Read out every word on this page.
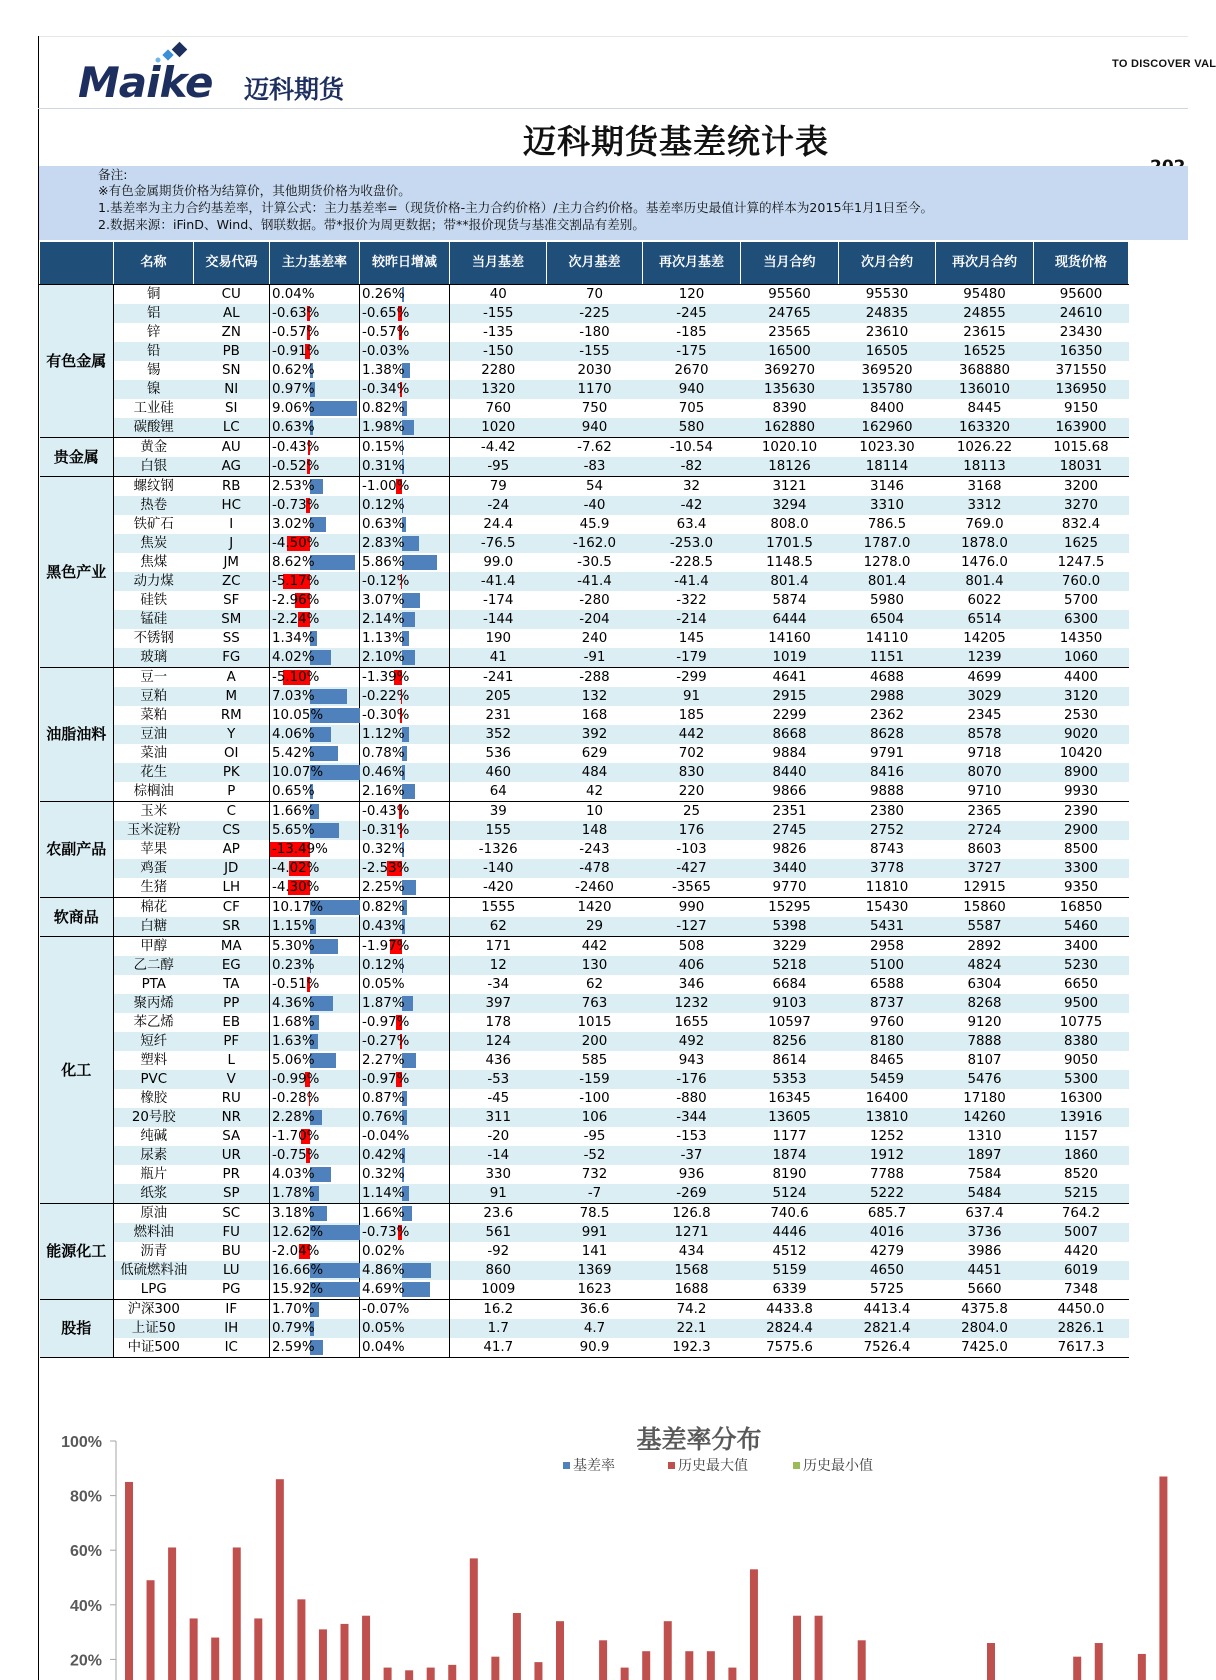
Maike 迈科期货
TO DISCOVER VAL
迈科期货基差统计表
备注:
※有色金属期货价格为结算价，其他期货价格为收盘价。
1.基差率为主力合约基差率，计算公式：主力基差率=（现货价格-主力合约价格）/主力合约价格。基差率历史最值计算的样本为2015年1月1日至今。
2.数据来源：iFinD、Wind、钢联数据。带*报价为周更数据；带**报价现货与基准交割品有差别。
	名称	交易代码	主力基差率	较昨日增减	当月基差	次月基差	再次月基差	当月合约	次月合约	再次月合约	现货价格
有色金属	铜	CU	0.04%	0.26%	40	70	120	95560	95530	95480	95600
	铝	AL	-0.63%	-0.65%	-155	-225	-245	24765	24835	24855	24610
	锌	ZN	-0.57%	-0.57%	-135	-180	-185	23565	23610	23615	23430
	铅	PB	-0.91%	-0.03%	-150	-155	-175	16500	16505	16525	16350
	锡	SN	0.62%	1.38%	2280	2030	2670	369270	369520	368880	371550
	镍	NI	0.97%	-0.34%	1320	1170	940	135630	135780	136010	136950
	工业硅	SI	9.06%	0.82%	760	750	705	8390	8400	8445	9150
	碳酸锂	LC	0.63%	1.98%	1020	940	580	162880	162960	163320	163900
贵金属	黄金	AU	-0.43%	0.15%	-4.42	-7.62	-10.54	1020.10	1023.30	1026.22	1015.68
	白银	AG	-0.52%	0.31%	-95	-83	-82	18126	18114	18113	18031
黑色产业	螺纹钢	RB	2.53%	-1.00%	79	54	32	3121	3146	3168	3200
	热卷	HC	-0.73%	0.12%	-24	-40	-42	3294	3310	3312	3270
	铁矿石	I	3.02%	0.63%	24.4	45.9	63.4	808.0	786.5	769.0	832.4
	焦炭	J	-4.50%	2.83%	-76.5	-162.0	-253.0	1701.5	1787.0	1878.0	1625
	焦煤	JM	8.62%	5.86%	99.0	-30.5	-228.5	1148.5	1278.0	1476.0	1247.5
	动力煤	ZC	-5.17%	-0.12%	-41.4	-41.4	-41.4	801.4	801.4	801.4	760.0
	硅铁	SF	-2.96%	3.07%	-174	-280	-322	5874	5980	6022	5700
	锰硅	SM	-2.24%	2.14%	-144	-204	-214	6444	6504	6514	6300
	不锈钢	SS	1.34%	1.13%	190	240	145	14160	14110	14205	14350
	玻璃	FG	4.02%	2.10%	41	-91	-179	1019	1151	1239	1060
油脂油料	豆一	A	-5.10%	-1.39%	-241	-288	-299	4641	4688	4699	4400
	豆粕	M	7.03%	-0.22%	205	132	91	2915	2988	3029	3120
	菜粕	RM	10.05%	-0.30%	231	168	185	2299	2362	2345	2530
	豆油	Y	4.06%	1.12%	352	392	442	8668	8628	8578	9020
	菜油	OI	5.42%	0.78%	536	629	702	9884	9791	9718	10420
	花生	PK	10.07%	0.46%	460	484	830	8440	8416	8070	8900
	棕榈油	P	0.65%	2.16%	64	42	220	9866	9888	9710	9930
农副产品	玉米	C	1.66%	-0.43%	39	10	25	2351	2380	2365	2390
	玉米淀粉	CS	5.65%	-0.31%	155	148	176	2745	2752	2724	2900
	苹果	AP	-13.49%	0.32%	-1326	-243	-103	9826	8743	8603	8500
	鸡蛋	JD	-4.02%	-2.53%	-140	-478	-427	3440	3778	3727	3300
	生猪	LH	-4.30%	2.25%	-420	-2460	-3565	9770	11810	12915	9350
软商品	棉花	CF	10.17%	0.82%	1555	1420	990	15295	15430	15860	16850
	白糖	SR	1.15%	0.43%	62	29	-127	5398	5431	5587	5460
化工	甲醇	MA	5.30%	-1.97%	171	442	508	3229	2958	2892	3400
	乙二醇	EG	0.23%	0.12%	12	130	406	5218	5100	4824	5230
	PTA	TA	-0.51%	0.05%	-34	62	346	6684	6588	6304	6650
	聚丙烯	PP	4.36%	1.87%	397	763	1232	9103	8737	8268	9500
	苯乙烯	EB	1.68%	-0.97%	178	1015	1655	10597	9760	9120	10775
	短纤	PF	1.63%	-0.27%	124	200	492	8256	8180	7888	8380
	塑料	L	5.06%	2.27%	436	585	943	8614	8465	8107	9050
	PVC	V	-0.99%	-0.97%	-53	-159	-176	5353	5459	5476	5300
	橡胶	RU	-0.28%	0.87%	-45	-100	-880	16345	16400	17180	16300
	20号胶	NR	2.28%	0.76%	311	106	-344	13605	13810	14260	13916
	纯碱	SA	-1.70%	-0.04%	-20	-95	-153	1177	1252	1310	1157
	尿素	UR	-0.75%	0.42%	-14	-52	-37	1874	1912	1897	1860
	瓶片	PR	4.03%	0.32%	330	732	936	8190	7788	7584	8520
	纸浆	SP	1.78%	1.14%	91	-7	-269	5124	5222	5484	5215
能源化工	原油	SC	3.18%	1.66%	23.6	78.5	126.8	740.6	685.7	637.4	764.2
	燃料油	FU	12.62%	-0.73%	561	991	1271	4446	4016	3736	5007
	沥青	BU	-2.04%	0.02%	-92	141	434	4512	4279	3986	4420
	低硫燃料油	LU	16.66%	4.86%	860	1369	1568	5159	4650	4451	6019
	LPG	PG	15.92%	4.69%	1009	1623	1688	6339	5725	5660	7348
股指	沪深300	IF	1.70%	-0.07%	16.2	36.6	74.2	4433.8	4413.4	4375.8	4450.0
	上证50	IH	0.79%	0.05%	1.7	4.7	22.1	2824.4	2821.4	2804.0	2826.1
	中证500	IC	2.59%	0.04%	41.7	90.9	192.3	7575.6	7526.4	7425.0	7617.3
100%
80%
60%
40%
20%
基差率分布
基差率	历史最大值	历史最小值
